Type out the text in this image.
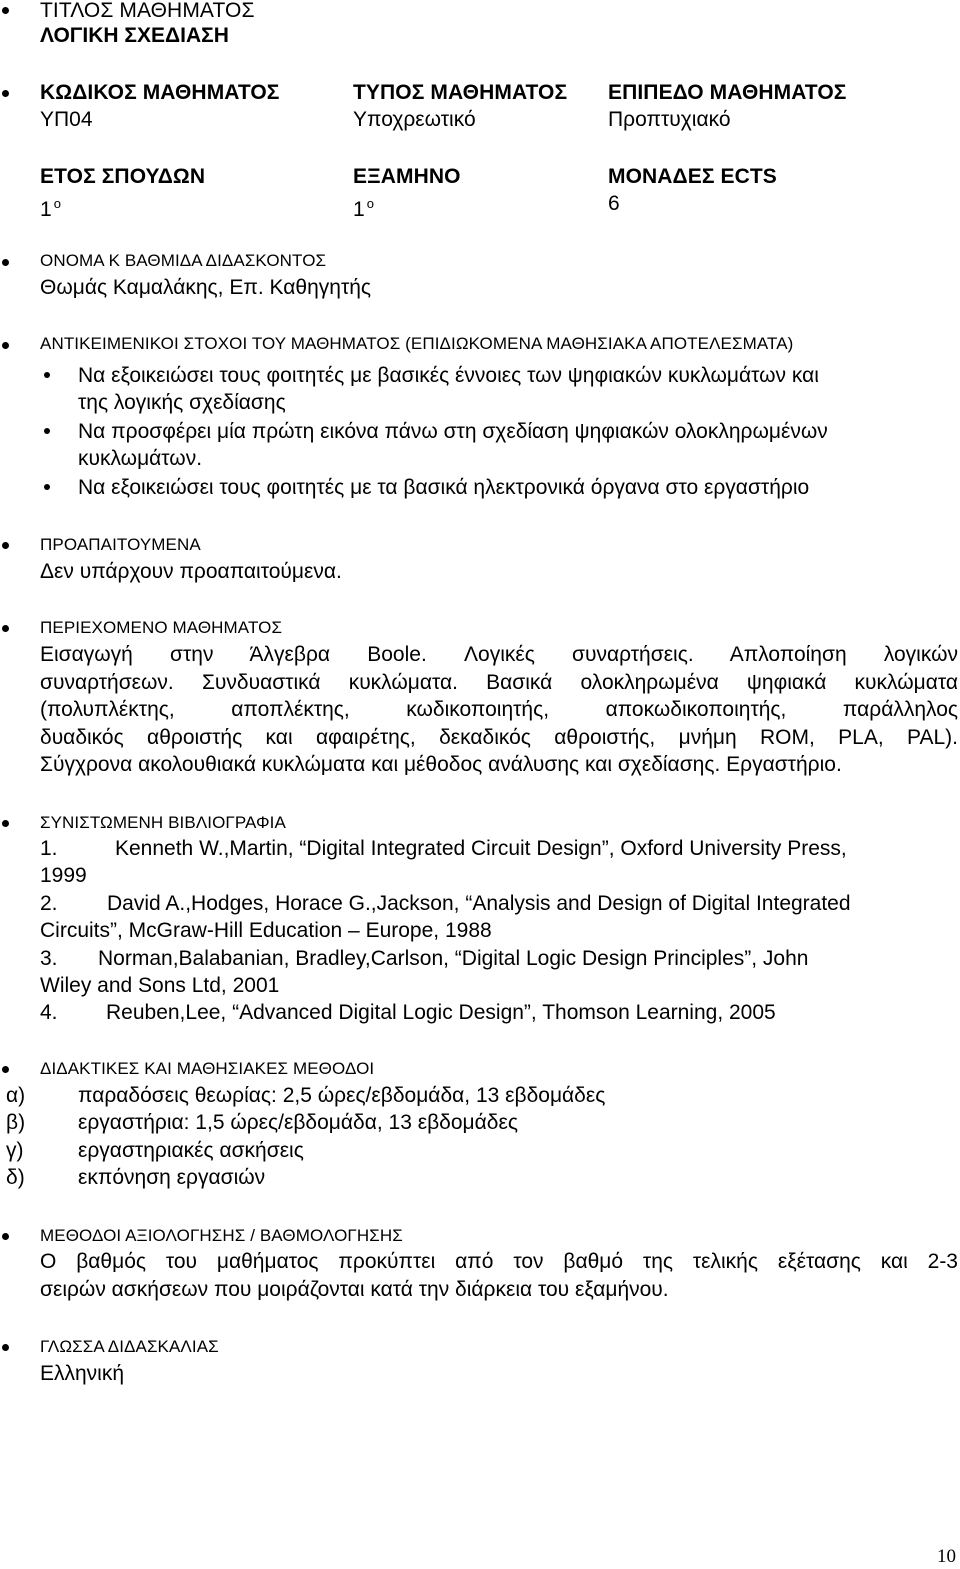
ΤΙΤΛΟΣ ΜΑΘΗΜΑΤΟΣ
ΛΟΓΙΚΗ ΣΧΕΔΙΑΣΗ
ΚΩΔΙΚΟΣ ΜΑΘΗΜΑΤΟΣ
ΥΠ04
ΤΥΠΟΣ ΜΑΘΗΜΑΤΟΣ
Υποχρεωτικό
ΕΠΙΠΕΔΟ ΜΑΘΗΜΑΤΟΣ
Προπτυχιακό
ΕΤΟΣ ΣΠΟΥΔΩΝ
1 $^o$
ΕΞΑΜΗΝΟ
1 $^o$
ΜΟΝΑΔΕΣ ECTS
6
ΟΝΟΜΑ Κ ΒΑΘΜΙΔΑ ΔΙΔΑΣΚΟΝΤΟΣ
Θωμάς Καμαλάκης, Επ. Καθηγητής
ΑΝΤΙΚΕΙΜΕΝΙΚΟΙ ΣΤΟΧΟΙ ΤΟΥ ΜΑΘΗΜΑΤΟΣ (ΕΠΙΔΙΩΚΟΜΕΝΑ ΜΑΘΗΣΙΑΚΑ ΑΠΟΤΕΛΕΣΜΑΤΑ)
Να εξοικειώσει τους φοιτητές με βασικές έννοιες των ψηφιακών κυκλωμάτων και
της λογικής σχεδίασης
Να προσφέρει μία πρώτη εικόνα πάνω στη σχεδίαση ψηφιακών ολοκληρωμένων
κυκλωμάτων.
Να εξοικειώσει τους φοιτητές με τα βασικά ηλεκτρονικά όργανα στο εργαστήριο
ΠΡΟΑΠΑΙΤΟΥΜΕΝΑ
Δεν υπάρχουν προαπαιτούμενα.
ΠΕΡΙΕΧΟΜΕΝΟ ΜΑΘΗΜΑΤΟΣ
Εισαγωγή στην Άλγεβρα Boole. Λογικές συναρτήσεις. Απλοποίηση λογικών
συναρτήσεων. Συνδυαστικά κυκλώματα. Βασικά ολοκληρωμένα ψηφιακά κυκλώματα
(πολυπλέκτης, αποπλέκτης, κωδικοποιητής, αποκωδικοποιητής, παράλληλος
δυαδικός αθροιστής και αφαιρέτης, δεκαδικός αθροιστής, μνήμη ROM, PLA, PAL).
Σύγχρονα ακολουθιακά κυκλώματα και μέθοδος ανάλυσης και σχεδίασης. Εργαστήριο.
ΣΥΝΙΣΤΩΜΕΝΗ ΒΙΒΛΙΟΓΡΑΦΙΑ
1.	Kenneth W.,Martin, “Digital Integrated Circuit Design”, Oxford University Press,
1999
2. David A.,Hodges, Horace G.,Jackson, “Analysis and Design of Digital Integrated
Circuits”, McGraw-Hill Education – Europe, 1988
3. Norman,Balabanian, Bradley,Carlson, “Digital Logic Design Principles”, John
Wiley and Sons Ltd, 2001
4. Reuben,Lee, “Advanced Digital Logic Design”, Thomson Learning, 2005
ΔΙΔΑΚΤΙΚΕΣ ΚΑΙ ΜΑΘΗΣΙΑΚΕΣ ΜΕΘΟΔΟΙ
α)	παραδόσεις θεωρίας: 2,5 ώρες/εβδομάδα, 13 εβδομάδες
β)	εργαστήρια: 1,5 ώρες/εβδομάδα, 13 εβδομάδες
γ)	εργαστηριακές ασκήσεις
δ)	εκπόνηση εργασιών
ΜΕΘΟΔΟΙ ΑΞΙΟΛΟΓΗΣΗΣ / ΒΑΘΜΟΛΟΓΗΣΗΣ
Ο βαθμός του μαθήματος προκύπτει από τον βαθμό της τελικής εξέτασης και 2-3
σειρών ασκήσεων που μοιράζονται κατά την διάρκεια του εξαμήνου.
ΓΛΩΣΣΑ ΔΙΔΑΣΚΑΛΙΑΣ
Ελληνική
10
